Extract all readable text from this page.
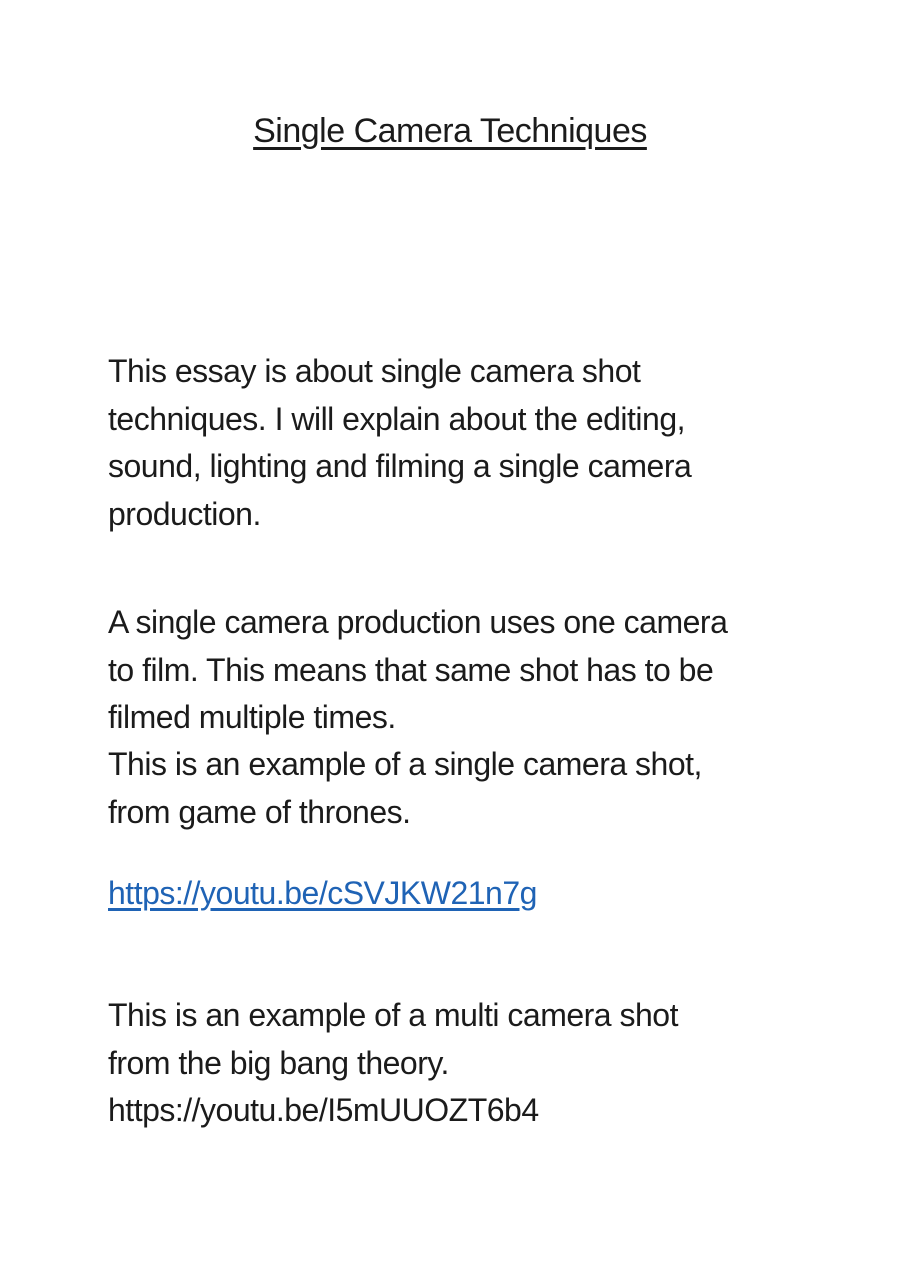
Single Camera Techniques
This essay is about single camera shot
techniques. I will explain about the editing,
sound, lighting and filming a single camera
production.
A single camera production uses one camera
to film. This means that same shot has to be
filmed multiple times.
This is an example of a single camera shot,
from game of thrones.
https://youtu.be/cSVJKW21n7g
This is an example of a multi camera shot
from the big bang theory.
https://youtu.be/I5mUUOZT6b4
